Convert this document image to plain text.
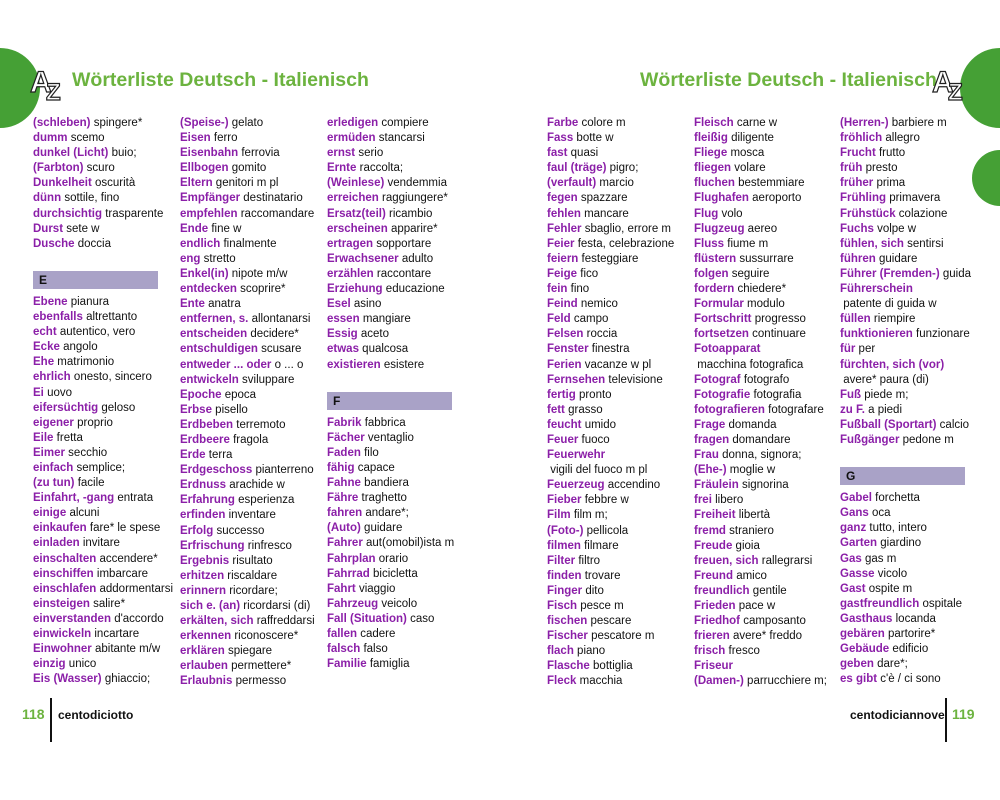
A
Z Wörterliste Deutsch - Italienisch	Wörterliste Deutsch - Italienisch
A
Z
(schleben) spingere*
dumm scemo
dunkel (Licht) buio;
(Farbton) scuro
Dunkelheit oscurità
dünn sottile, fino
durchsichtig trasparente
Durst sete w
Dusche doccia
E
Ebene pianura
ebenfalls altrettanto
echt autentico, vero
Ecke angolo
Ehe matrimonio
ehrlich onesto, sincero
Ei uovo
eifersüchtig geloso
eigener proprio
Eile fretta
Eimer secchio
einfach semplice;
(zu tun) facile
Einfahrt, -gang entrata
einige alcuni
einkaufen fare* le spese
einladen invitare
einschalten accendere*
einschiffen imbarcare
einschlafen addormentarsi
einsteigen salire*
einverstanden d'accordo
einwickeln incartare
Einwohner abitante m/w
einzig unico
Eis (Wasser) ghiaccio;
(Speise-) gelato
Eisen ferro
Eisenbahn ferrovia
Ellbogen gomito
Eltern genitori m pl
Empfänger destinatario
empfehlen raccomandare
Ende fine w
endlich finalmente
eng stretto
Enkel(in) nipote m/w
entdecken scoprire*
Ente anatra
entfernen, s. allontanarsi
entscheiden decidere*
entschuldigen scusare
entweder ... oder o ... o
entwickeln sviluppare
Epoche epoca
Erbse pisello
Erdbeben terremoto
Erdbeere fragola
Erde terra
Erdgeschoss pianterreno
Erdnuss arachide w
Erfahrung esperienza
erfinden inventare
Erfolg successo
Erfrischung rinfresco
Ergebnis risultato
erhitzen riscaldare
erinnern ricordare;
sich e. (an) ricordarsi (di)
erkälten, sich raffreddarsi
erkennen riconoscere*
erklären spiegare
erlauben permettere*
Erlaubnis permesso
erledigen compiere
ermüden stancarsi
ernst serio
Ernte raccolta;
(Weinlese) vendemmia
erreichen raggiungere*
Ersatz(teil) ricambio
erscheinen apparire*
ertragen sopportare
Erwachsener adulto
erzählen raccontare
Erziehung educazione
Esel asino
essen mangiare
Essig aceto
etwas qualcosa
existieren esistere
F
Fabrik fabbrica
Fächer ventaglio
Faden filo
fähig capace
Fahne bandiera
Fähre traghetto
fahren andare*;
(Auto) guidare
Fahrer aut(omobil)ista m
Fahrplan orario
Fahrrad bicicletta
Fahrt viaggio
Fahrzeug veicolo
Fall (Situation) caso
fallen cadere
falsch falso
Familie famiglia
Farbe colore m
Fass botte w
fast quasi
faul (träge) pigro;
(verfault) marcio
fegen spazzare
fehlen mancare
Fehler sbaglio, errore m
Feier festa, celebrazione
feiern festeggiare
Feige fico
fein fino
Feind nemico
Feld campo
Felsen roccia
Fenster finestra
Ferien vacanze w pl
Fernsehen televisione
fertig pronto
fett grasso
feucht umido
Feuer fuoco
Feuerwehr
vigili del fuoco m pl
Feuerzeug accendino
Fieber febbre w
Film film m;
(Foto-) pellicola
filmen filmare
Filter filtro
finden trovare
Finger dito
Fisch pesce m
fischen pescare
Fischer pescatore m
flach piano
Flasche bottiglia
Fleck macchia
Fleisch carne w
fleißig diligente
Fliege mosca
fliegen volare
fluchen bestemmiare
Flughafen aeroporto
Flug volo
Flugzeug aereo
Fluss fiume m
flüstern sussurrare
folgen seguire
fordern chiedere*
Formular modulo
Fortschritt progresso
fortsetzen continuare
Fotoapparat
macchina fotografica
Fotograf fotografo
Fotografie fotografia
fotografieren fotografare
Frage domanda
fragen domandare
Frau donna, signora;
(Ehe-) moglie w
Fräulein signorina
frei libero
Freiheit libertà
fremd straniero
Freude gioia
freuen, sich rallegrarsi
Freund amico
freundlich gentile
Frieden pace w
Friedhof camposanto
frieren avere* freddo
frisch fresco
Friseur
(Damen-) parrucchiere m;
(Herren-) barbiere m
fröhlich allegro
Frucht frutto
früh presto
früher prima
Frühling primavera
Frühstück colazione
Fuchs volpe w
fühlen, sich sentirsi
führen guidare
Führer (Fremden-) guida
Führerschein
patente di guida w
füllen riempire
funktionieren funzionare
für per
fürchten, sich (vor)
avere* paura (di)
Fuß piede m;
zu F. a piedi
Fußball (Sportart) calcio
Fußgänger pedone m
G
Gabel forchetta
Gans oca
ganz tutto, intero
Garten giardino
Gas gas m
Gasse vicolo
Gast ospite m
gastfreundlich ospitale
Gasthaus locanda
gebären partorire*
Gebäude edificio
geben dare*;
es gibt c'è / ci sono
118 centodiciotto	centodiciannove 119
